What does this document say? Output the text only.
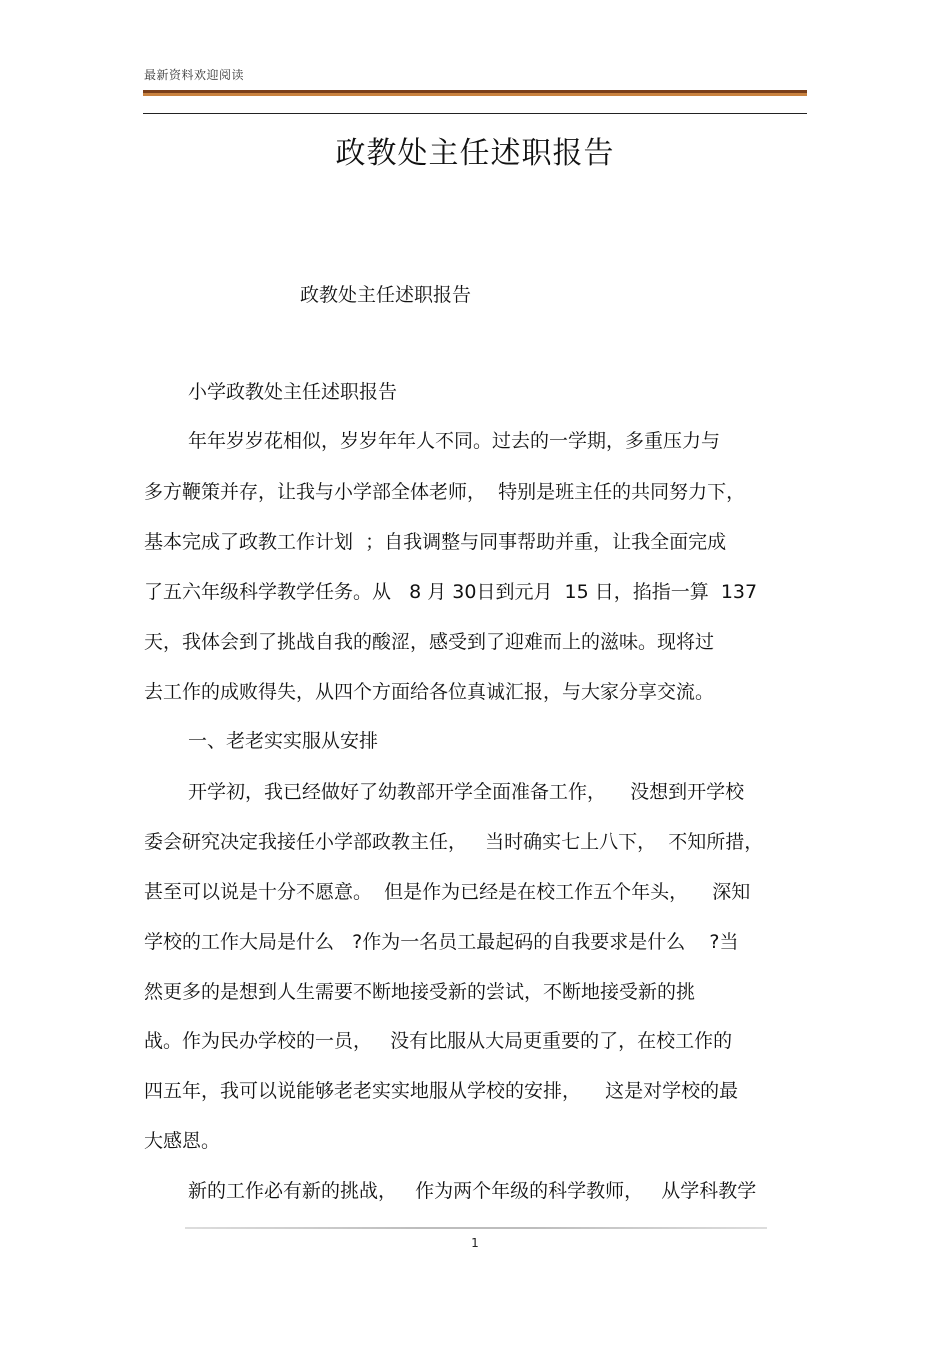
最新资料欢迎阅读
政教处主任述职报告
政教处主任述职报告
小学政教处主任述职报告
年年岁岁花相似，岁岁年年人不同。过去的一学期，多重压力与
多方鞭策并存，让我与小学部全体老师，  特别是班主任的共同努力下，
基本完成了政教工作计划  ；自我调整与同事帮助并重，让我全面完成
了五六年级科学教学任务。从   8 月 30日到元月  15 日，掐指一算  137
天，我体会到了挑战自我的酸涩，感受到了迎难而上的滋味。现将过
去工作的成败得失，从四个方面给各位真诚汇报，与大家分享交流。
一、老老实实服从安排
开学初，我已经做好了幼教部开学全面准备工作，    没想到开学校
委会研究决定我接任小学部政教主任，   当时确实七上八下，  不知所措，
甚至可以说是十分不愿意。  但是作为已经是在校工作五个年头，    深知
学校的工作大局是什么   ?作为一名员工最起码的自我要求是什么    ?当
然更多的是想到人生需要不断地接受新的尝试，不断地接受新的挑
战。作为民办学校的一员，   没有比服从大局更重要的了，在校工作的
四五年，我可以说能够老老实实地服从学校的安排，    这是对学校的最
大感恩。
新的工作必有新的挑战，   作为两个年级的科学教师，   从学科教学
1
